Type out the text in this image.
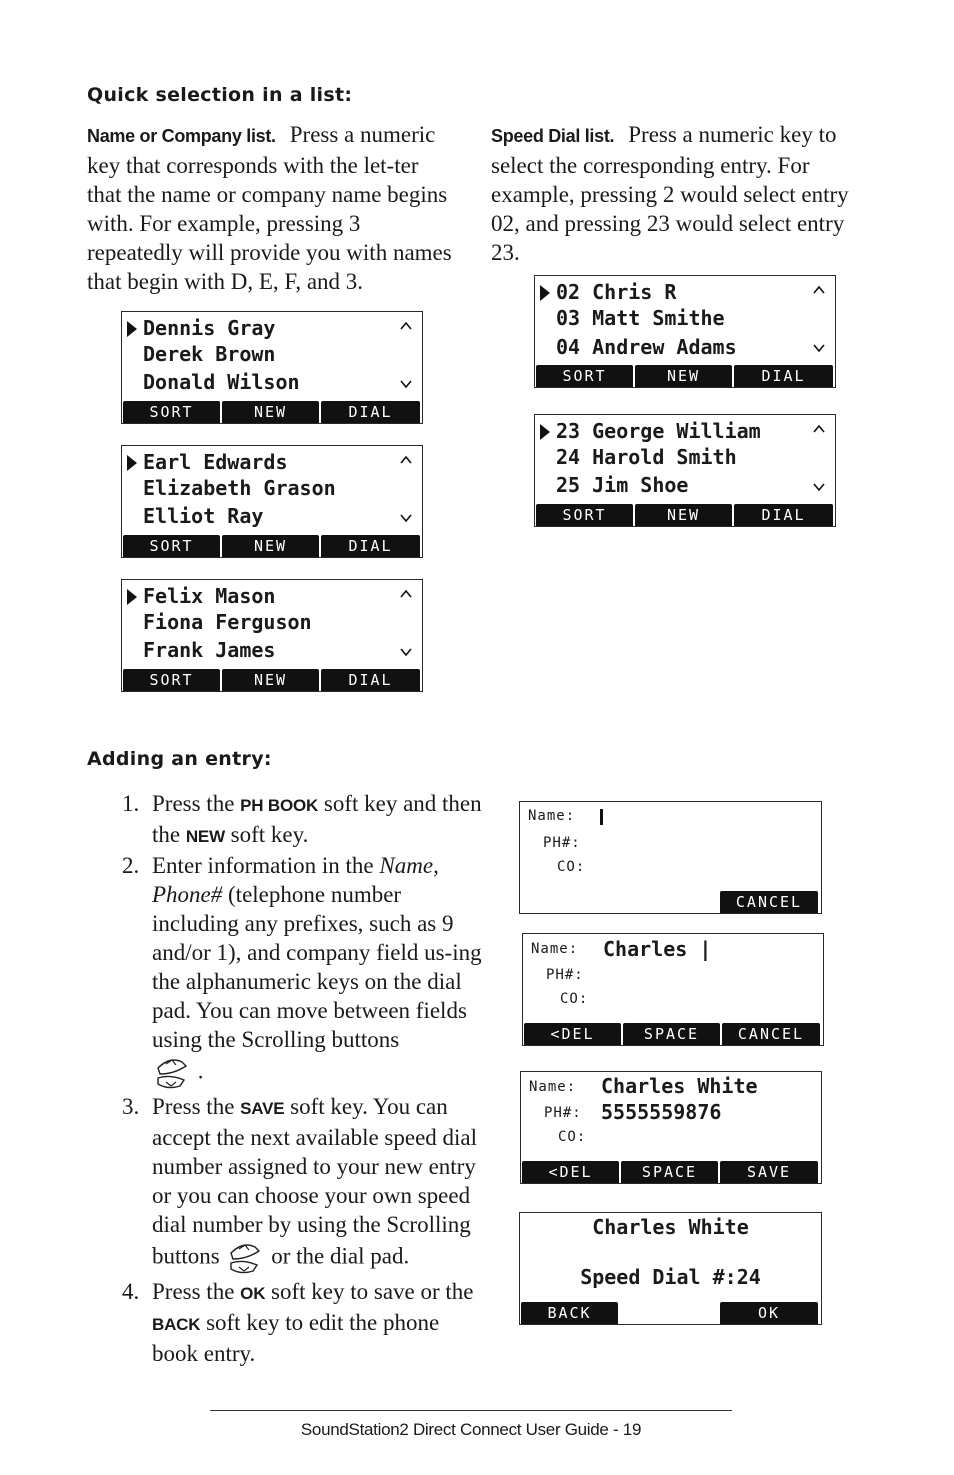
Quick selection in a list:
Name or Company list. Press a numeric key that corresponds with the let-ter that the name or company name begins with. For example, pressing 3 repeatedly will provide you with names that begin with D, E, F, and 3.
Speed Dial list. Press a numeric key to select the corresponding entry. For example, pressing 2 would select entry 02, and pressing 23 would select entry 23.
Dennis Gray
Derek Brown
Donald Wilson
SORT	NEW	DIAL
Earl Edwards
Elizabeth Grason
Elliot Ray
SORT	NEW	DIAL
Felix Mason
Fiona Ferguson
Frank James
SORT	NEW	DIAL
02 Chris R
03 Matt Smithe
04 Andrew Adams
SORT	NEW	DIAL
23 George William
24 Harold Smith
25 Jim Shoe
SORT	NEW	DIAL
Adding an entry:
1. Press the PH BOOK soft key and then the NEW soft key.
2. Enter information in the Name, Phone# (telephone number including any prefixes, such as 9 and/or 1), and company field us-ing the alphanumeric keys on the dial pad. You can move between fields using the Scrolling buttons
.
3. Press the SAVE soft key. You can accept the next available speed dial number assigned to your new entry or you can choose your own speed dial number by using the Scrolling buttons  or the dial pad.
4. Press the OK soft key to save or the BACK soft key to edit the phone book entry.
Name:
PH#:
CO:
CANCEL
Name: Charles |
PH#:
CO:
<DEL	SPACE	CANCEL
Name: Charles White
PH#: 5555559876
CO:
<DEL	SPACE	SAVE
Charles White
Speed Dial #:24
BACK	OK
SoundStation2 Direct Connect User Guide - 19
